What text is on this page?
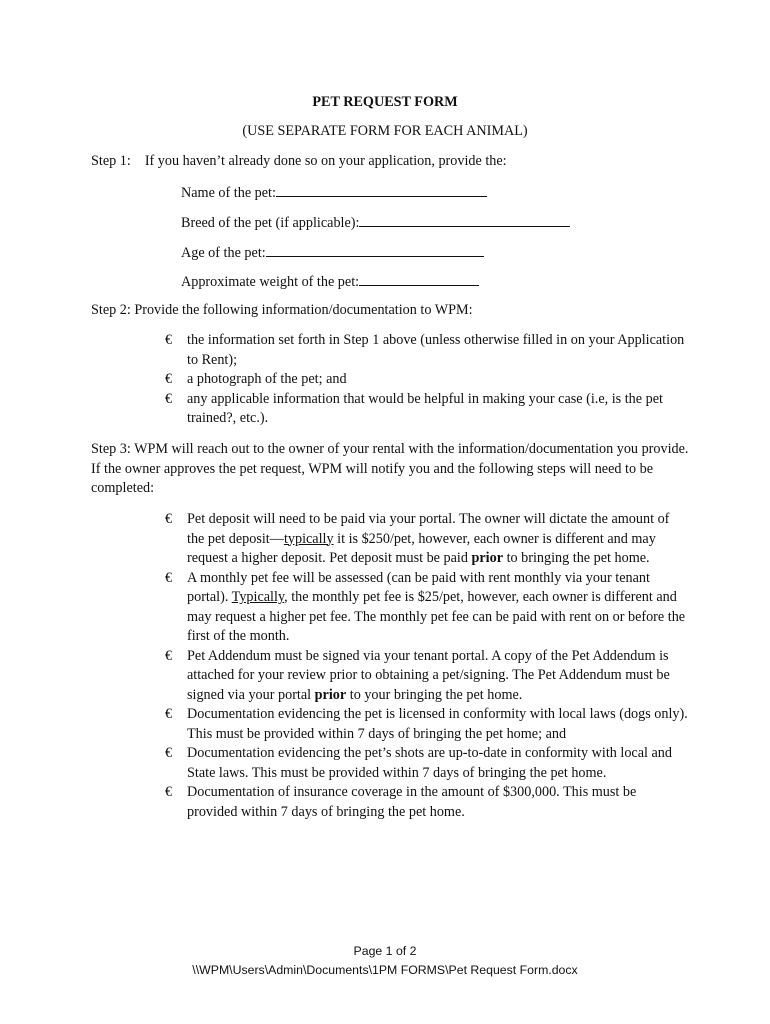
PET REQUEST FORM
(USE SEPARATE FORM FOR EACH ANIMAL)
Step 1: If you haven’t already done so on your application, provide the:
Name of the pet:
Breed of the pet (if applicable):
Age of the pet:
Approximate weight of the pet:
Step 2: Provide the following information/documentation to WPM:
€ the information set forth in Step 1 above (unless otherwise filled in on your Application to Rent);
€ a photograph of the pet; and
€ any applicable information that would be helpful in making your case (i.e, is the pet trained?, etc.).
Step 3: WPM will reach out to the owner of your rental with the information/documentation you provide. If the owner approves the pet request, WPM will notify you and the following steps will need to be completed:
€ Pet deposit will need to be paid via your portal. The owner will dictate the amount of the pet deposit—typically it is $250/pet, however, each owner is different and may request a higher deposit. Pet deposit must be paid prior to bringing the pet home.
€ A monthly pet fee will be assessed (can be paid with rent monthly via your tenant portal). Typically, the monthly pet fee is $25/pet, however, each owner is different and may request a higher pet fee. The monthly pet fee can be paid with rent on or before the first of the month.
€ Pet Addendum must be signed via your tenant portal. A copy of the Pet Addendum is attached for your review prior to obtaining a pet/signing. The Pet Addendum must be signed via your portal prior to your bringing the pet home.
€ Documentation evidencing the pet is licensed in conformity with local laws (dogs only). This must be provided within 7 days of bringing the pet home; and
€ Documentation evidencing the pet’s shots are up-to-date in conformity with local and State laws. This must be provided within 7 days of bringing the pet home.
€ Documentation of insurance coverage in the amount of $300,000. This must be provided within 7 days of bringing the pet home.
Page 1 of 2
\\WPM\Users\Admin\Documents\1PM FORMS\Pet Request Form.docx
